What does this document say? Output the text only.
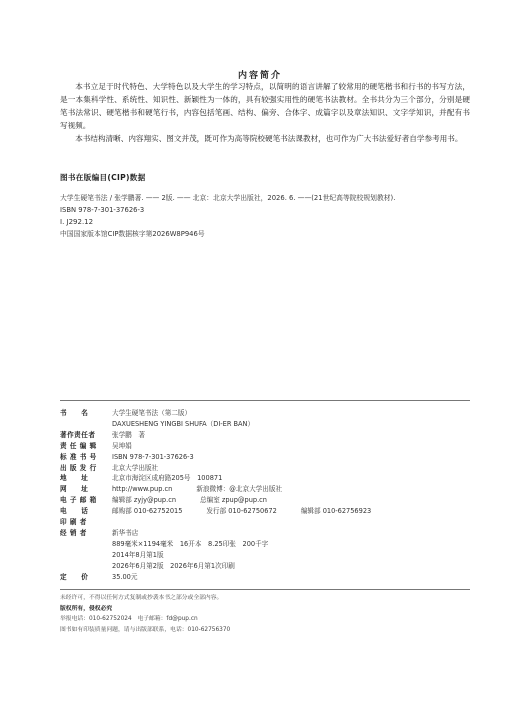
内容简介

本书立足于时代特色、大学特色以及大学生的学习特点，以简明的语言讲解了较常用的硬笔楷书和行书的书写方法，是一本集科学性、系统性、知识性、新颖性为一体的，具有较强实用性的硬笔书法教材。全书共分为三个部分，分别是硬笔书法常识、硬笔楷书和硬笔行书，内容包括笔画、结构、偏旁、合体字、成篇字以及章法知识、文字学知识，并配有书写视频。

本书结构清晰、内容翔实、图文并茂，既可作为高等院校硬笔书法课教材，也可作为广大书法爱好者自学参考用书。

图书在版编目(CIP)数据
大学生硬笔书法 / 张学鹏著. —— 2版. —— 北京：北京大学出版社，2026. 6. ——(21世纪高等院校规划教材).
ISBN 978-7-301-37626-3
Ⅰ. J292.12
中国国家版本馆CIP数据核字第2026W8P946号
书　　名	大学生硬笔书法（第二版）
DAXUESHENG YINGBI SHUFA（DI-ER BAN）
著作责任者	张学鹏　著
责 任 编 辑	吴坤娟
标 准 书 号	ISBN 978-7-301-37626-3
出 版 发 行	北京大学出版社
地　　址	北京市海淀区成府路205号　100871
网　　址	http://www.pup.cn	新浪微博：@北京大学出版社
电 子 邮 箱	编辑部 zyjy@pup.cn	总编室 zpup@pup.cn
电　　话	邮购部 010-62752015	发行部 010-62750672	编辑部 010-62756923
印 刷 者
经 销 者	新华书店
889毫米×1194毫米　16开本　8.25印张　200千字
2014年8月第1版
2026年6月第2版　2026年6月第1次印刷
定　　价	35.00元
未经许可，不得以任何方式复制或抄袭本书之部分或全部内容。
版权所有，侵权必究
举报电话：010-62752024　电子邮箱：fd@pup.cn
图书如有印装质量问题，请与出版部联系，电话：010-62756370
